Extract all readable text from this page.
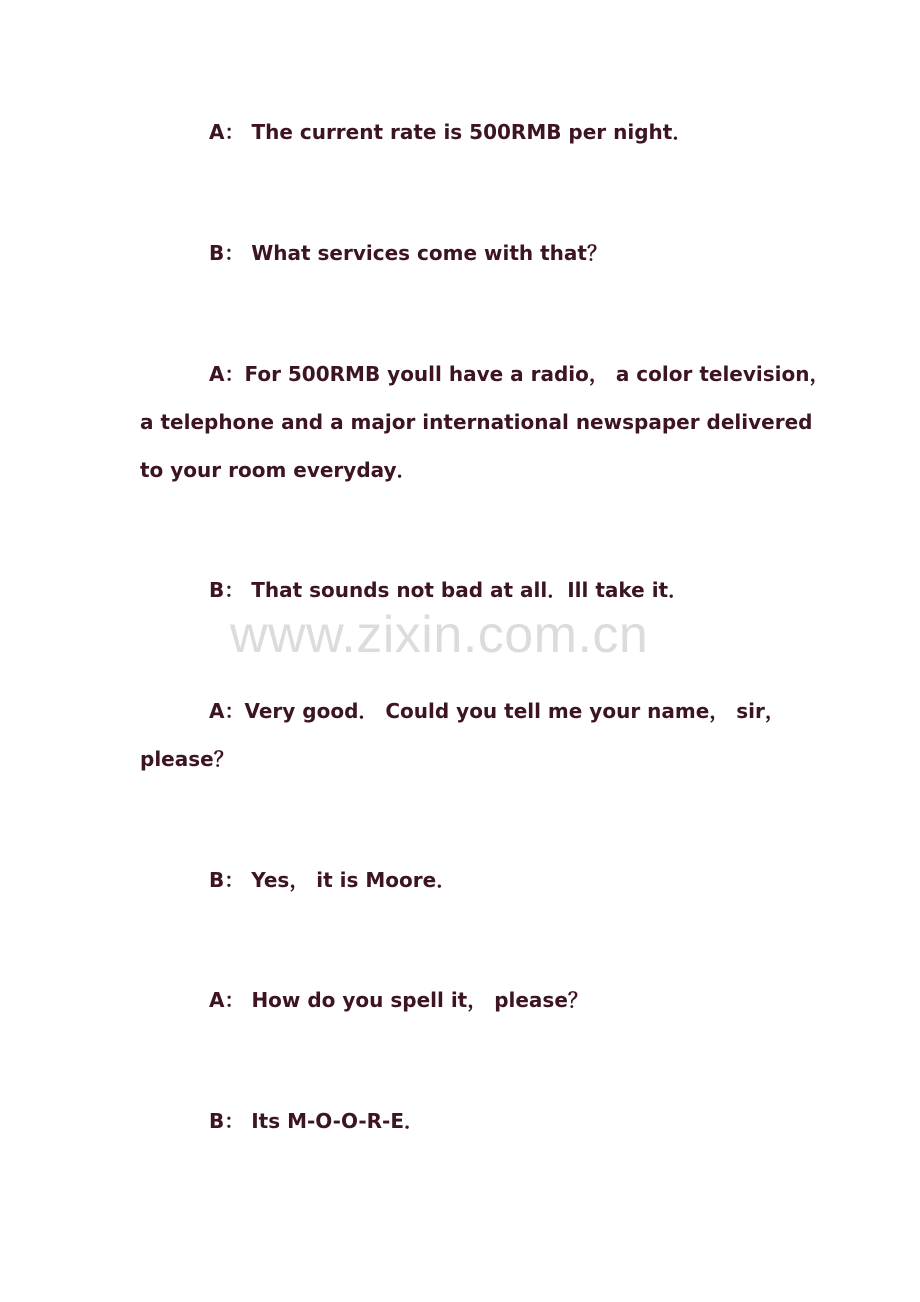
A： The current rate is 500RMB per night．
B： What services come with that？
A：For 500RMB youll have a radio， a color television，
a telephone and a major international newspaper delivered
to your room everyday．
B： That sounds not bad at all．Ill take it．
www.zixin.com.cn
A：Very good． Could you tell me your name， sir，
please？
B： Yes， it is Moore．
A： How do you spell it， please？
B： Its M-O-O-R-E．
